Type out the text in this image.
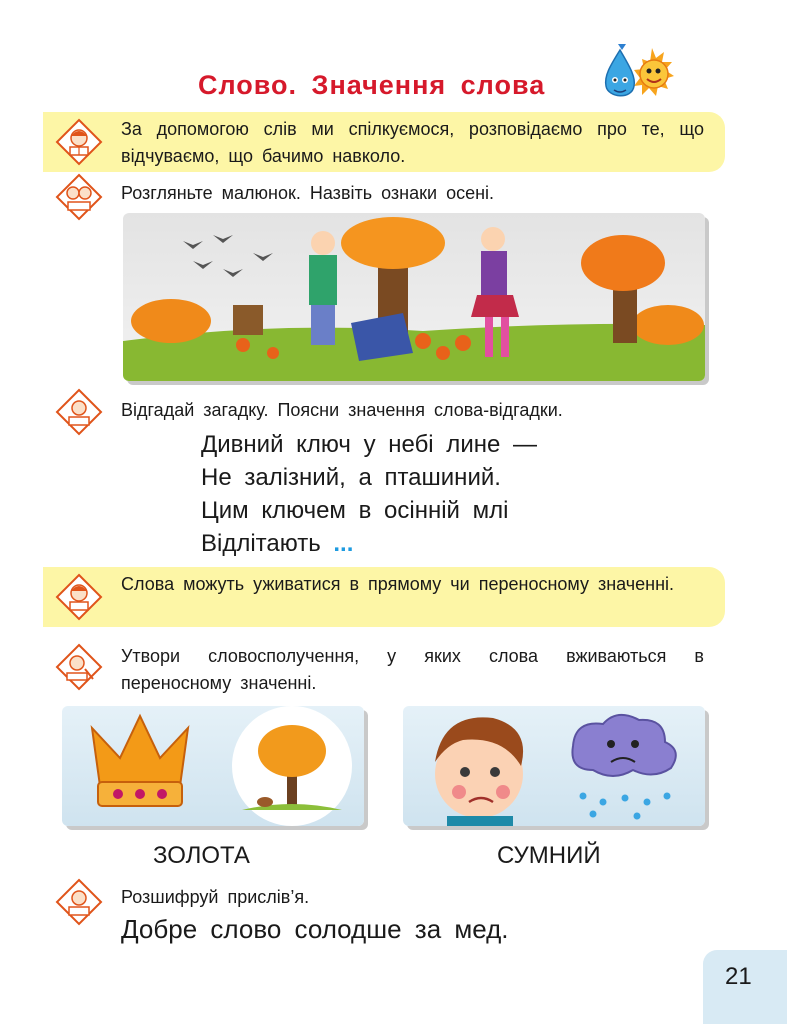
Слово. Значення слова
За допомогою слів ми спілкуємося, розповідаємо про те, що відчуваємо, що бачимо навколо.
Розгляньте малюнок. Назвіть ознаки осені.
Відгадай загадку. Поясни значення слова-відгадки.
Дивний ключ у небі лине —
Не залізний, а пташиний.
Цим ключем в осінній млі
Відлітають ...
Слова можуть уживатися в прямому чи переносному значенні.
Утвори словосполучення, у яких слова вживаються в переносному значенні.
ЗОЛОТА	СУМНИЙ
Розшифруй прислів’я.
Добре слово солодше за мед.
21
